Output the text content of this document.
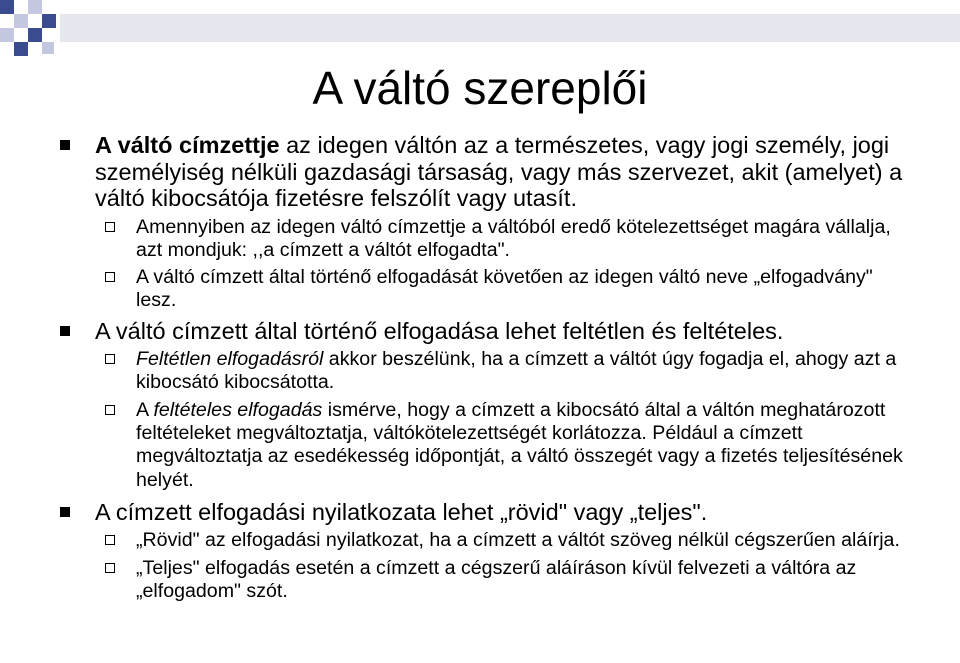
A váltó szereplői
A váltó címzettje az idegen váltón az a természetes, vagy jogi személy, jogi személyiség nélküli gazdasági társaság, vagy más szervezet, akit (amelyet) a váltó kibocsátója fizetésre felszólít vagy utasít.
Amennyiben az idegen váltó címzettje a váltóból eredő kötelezettséget magára vállalja, azt mondjuk: ,,a címzett a váltót elfogadta".
A váltó címzett által történő elfogadását követően az idegen váltó neve „elfogadvány" lesz.
A váltó címzett által történő elfogadása lehet feltétlen és feltételes.
Feltétlen elfogadásról akkor beszélünk, ha a címzett a váltót úgy fogadja el, ahogy azt a kibocsátó kibocsátotta.
A feltételes elfogadás ismérve, hogy a címzett a kibocsátó által a váltón meghatározott feltételeket megváltoztatja, váltókötelezettségét korlátozza. Például a címzett megváltoztatja az esedékesség időpontját, a váltó összegét vagy a fizetés teljesítésének helyét.
A címzett elfogadási nyilatkozata lehet „rövid" vagy „teljes".
„Rövid" az elfogadási nyilatkozat, ha a címzett a váltót szöveg nélkül cégszerűen aláírja.
„Teljes" elfogadás esetén a címzett a cégszerű aláíráson kívül felvezeti a váltóra az „elfogadom" szót.
